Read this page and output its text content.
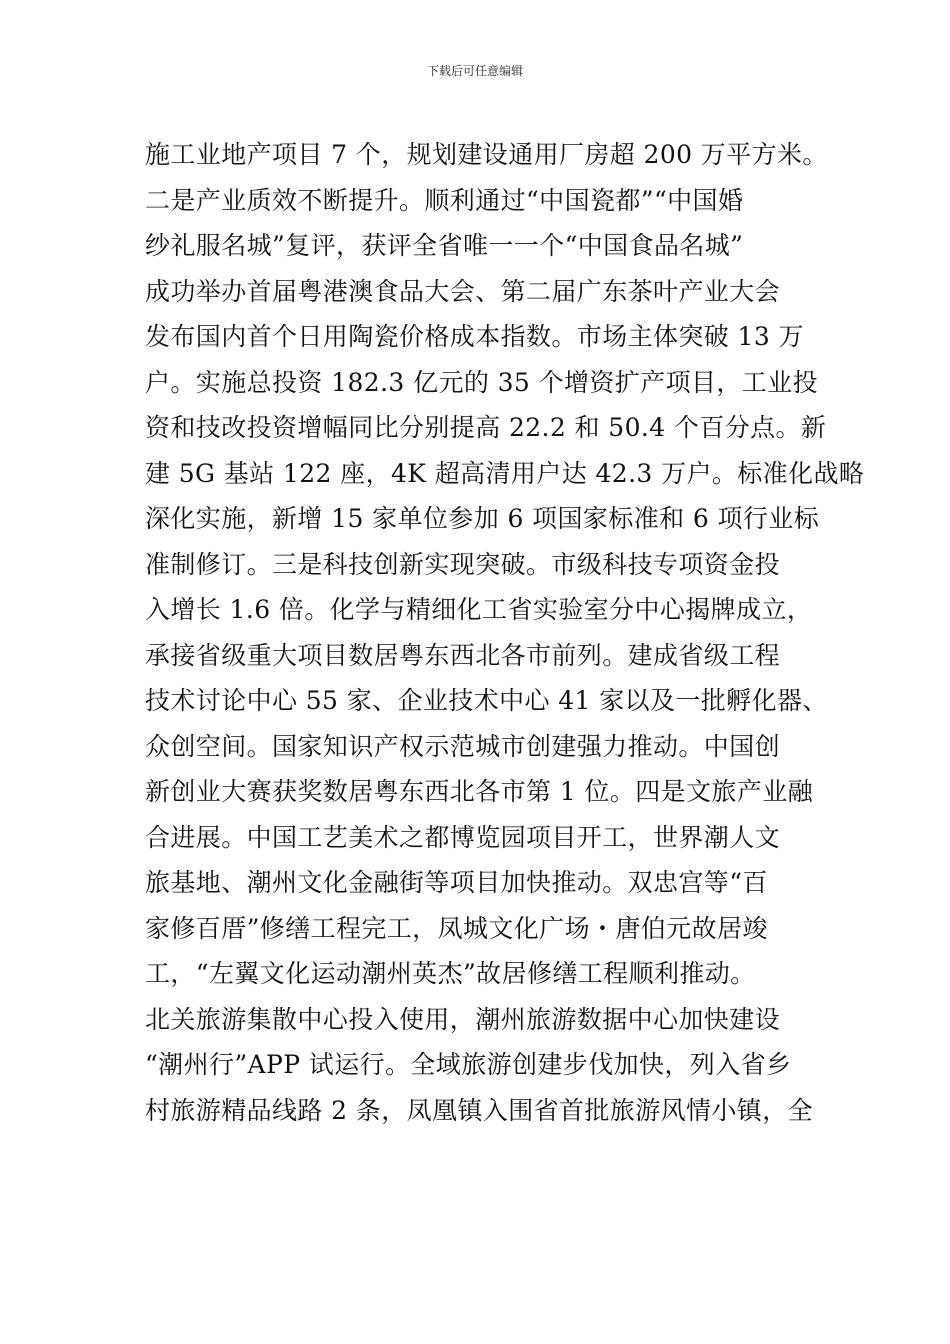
下载后可任意编辑
施工业地产项目 7 个，规划建设通用厂房超 200 万平方米。
二是产业质效不断提升。顺利通过“中国瓷都”“中国婚
纱礼服名城”复评，获评全省唯一一个“中国食品名城”
成功举办首届粤港澳食品大会、第二届广东茶叶产业大会
发布国内首个日用陶瓷价格成本指数。市场主体突破 13 万
户。实施总投资 182.3 亿元的 35 个增资扩产项目，工业投
资和技改投资增幅同比分别提高 22.2 和 50.4 个百分点。新
建 5G 基站 122 座，4K 超高清用户达 42.3 万户。标准化战略
深化实施，新增 15 家单位参加 6 项国家标准和 6 项行业标
准制修订。三是科技创新实现突破。市级科技专项资金投
入增长 1.6 倍。化学与精细化工省实验室分中心揭牌成立，
承接省级重大项目数居粤东西北各市前列。建成省级工程
技术讨论中心 55 家、企业技术中心 41 家以及一批孵化器、
众创空间。国家知识产权示范城市创建强力推动。中国创
新创业大赛获奖数居粤东西北各市第 1 位。四是文旅产业融
合进展。中国工艺美术之都博览园项目开工，世界潮人文
旅基地、潮州文化金融街等项目加快推动。双忠宫等“百
家修百厝”修缮工程完工，凤城文化广场・唐伯元故居竣
工，“左翼文化运动潮州英杰”故居修缮工程顺利推动。
北关旅游集散中心投入使用，潮州旅游数据中心加快建设
“潮州行”APP 试运行。全域旅游创建步伐加快，列入省乡
村旅游精品线路 2 条，凤凰镇入围省首批旅游风情小镇，全
